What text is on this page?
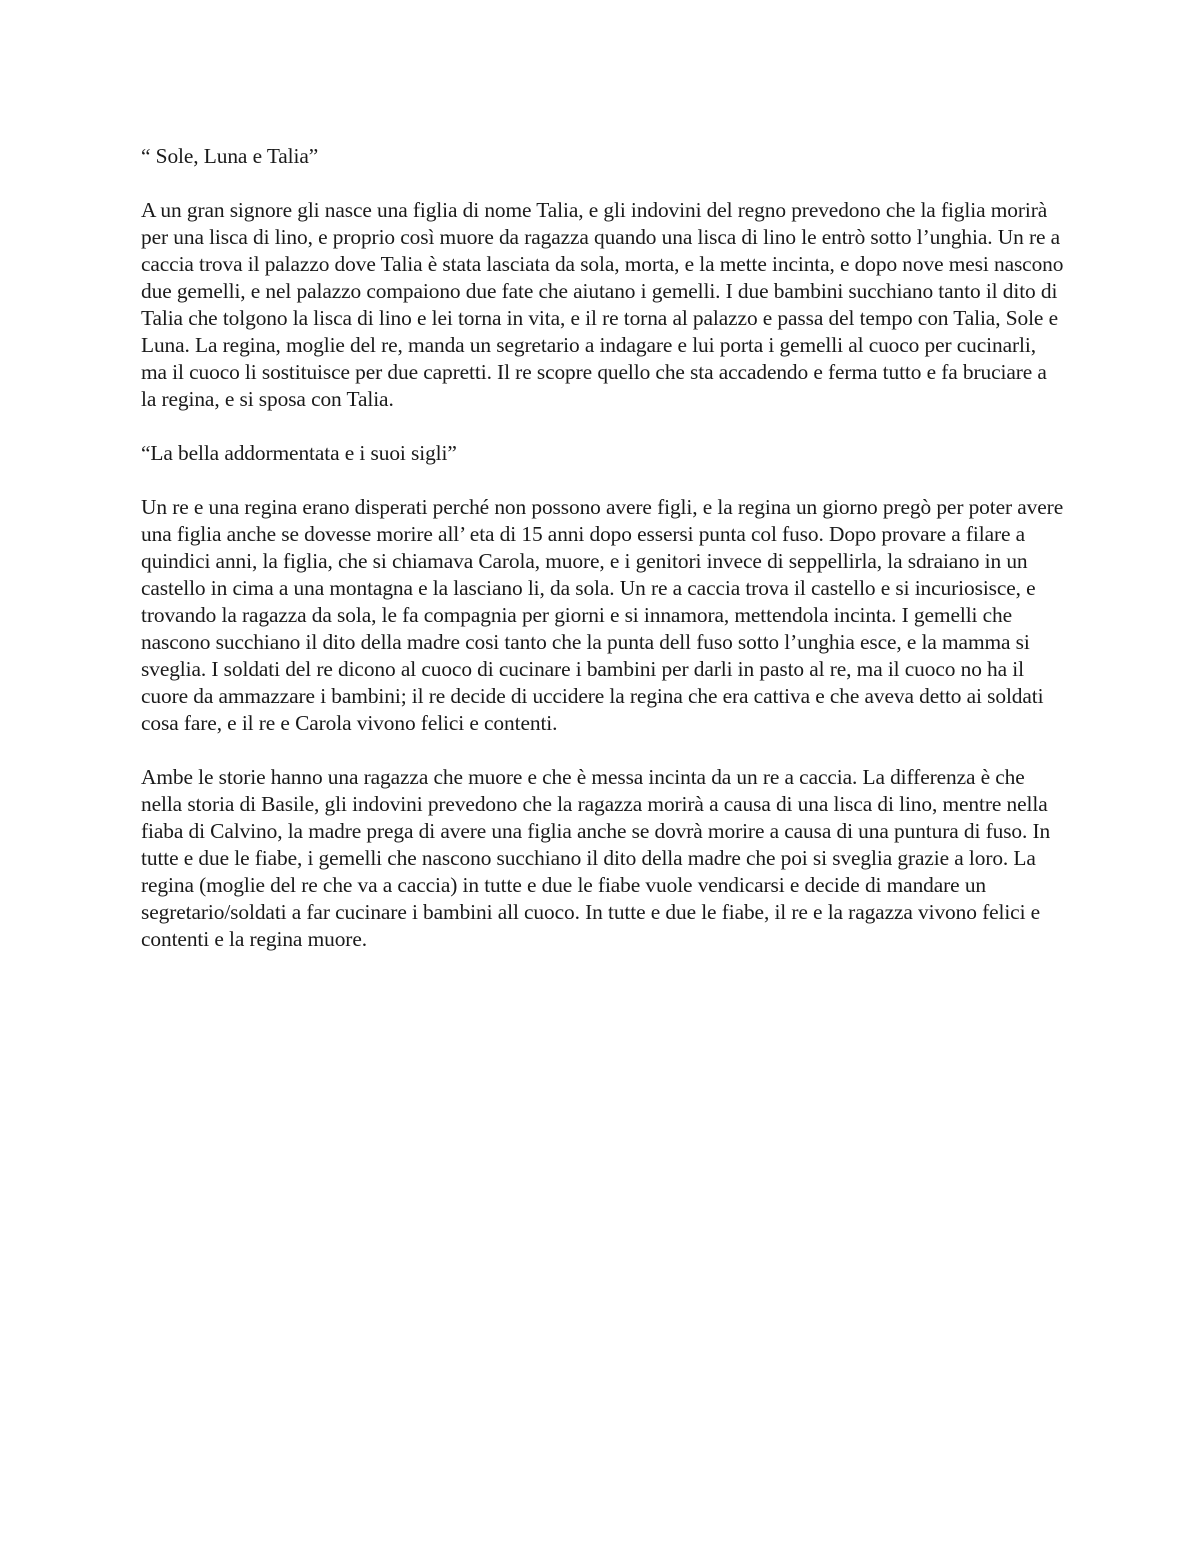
“ Sole, Luna e Talia”

A un gran signore gli nasce una figlia di nome Talia, e gli indovini del regno prevedono che la figlia morirà per una lisca di lino, e proprio così muore da ragazza quando una lisca di lino le entrò sotto l’unghia. Un re a caccia trova il palazzo dove Talia è stata lasciata da sola, morta, e la mette incinta, e dopo nove mesi nascono due gemelli, e nel palazzo compaiono due fate che aiutano i gemelli. I due bambini succhiano tanto il dito di Talia che tolgono la lisca di lino e lei torna in vita, e il re torna al palazzo e passa del tempo con Talia, Sole e Luna. La regina, moglie del re, manda un segretario a indagare e lui porta i gemelli al cuoco per cucinarli, ma il cuoco li sostituisce per due capretti. Il re scopre quello che sta accadendo e ferma tutto e fa bruciare a la regina, e si sposa con Talia.

“La bella addormentata e i suoi sigli”

Un re e una regina erano disperati perché non possono avere figli, e la regina un giorno pregò per poter avere una figlia anche se dovesse morire all’ eta di 15 anni dopo essersi punta col fuso. Dopo provare a filare a quindici anni, la figlia, che si chiamava Carola, muore, e i genitori invece di seppellirla, la sdraiano in un castello in cima a una montagna e la lasciano li, da sola. Un re a caccia trova il castello e si incuriosisce, e trovando la ragazza da sola, le fa compagnia per giorni e si innamora, mettendola incinta. I gemelli che nascono succhiano il dito della madre cosi tanto che la punta dell fuso sotto l’unghia esce, e la mamma si sveglia. I soldati del re dicono al cuoco di cucinare i bambini per darli in pasto al re, ma il cuoco no ha il cuore da ammazzare i bambini; il re decide di uccidere la regina che era cattiva e che aveva detto ai soldati cosa fare, e il re e Carola vivono felici e contenti.

Ambe le storie hanno una ragazza che muore e che è messa incinta da un re a caccia. La differenza è che nella storia di Basile, gli indovini prevedono che la ragazza morirà a causa di una lisca di lino, mentre nella fiaba di Calvino, la madre prega di avere una figlia anche se dovrà morire a causa di una puntura di fuso. In tutte e due le fiabe, i gemelli che nascono succhiano il dito della madre che poi si sveglia grazie a loro. La regina (moglie del re che va a caccia) in tutte e due le fiabe vuole vendicarsi e decide di mandare un segretario/soldati a far cucinare i bambini all cuoco. In tutte e due le fiabe, il re e la ragazza vivono felici e contenti e la regina muore.
